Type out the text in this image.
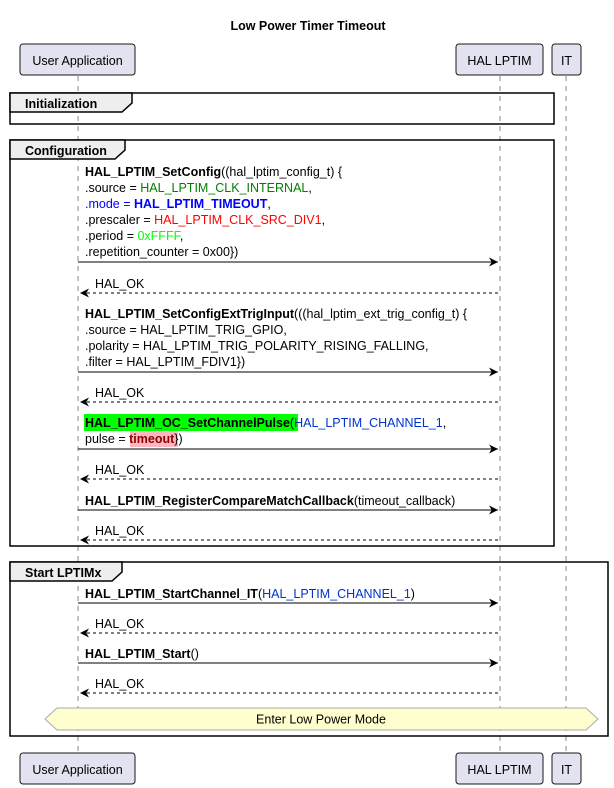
Low Power Timer Timeout
User Application	HAL LPTIM IT
User Application	HAL LPTIM IT
Initialization
Configuration
HAL_LPTIM_SetConfig((hal_lptim_config_t) {
.source = HAL_LPTIM_CLK_INTERNAL,
.mode = HAL_LPTIM_TIMEOUT,
.prescaler = HAL_LPTIM_CLK_SRC_DIV1,
.period = 0xFFFF,
.repetition_counter = 0x00})
HAL_OK
HAL_LPTIM_SetConfigExtTrigInput(((hal_lptim_ext_trig_config_t) {
.source = HAL_LPTIM_TRIG_GPIO,
.polarity = HAL_LPTIM_TRIG_POLARITY_RISING_FALLING,
.filter = HAL_LPTIM_FDIV1})
HAL_OK
HAL_LPTIM_OC_SetChannelPulse(HAL_LPTIM_CHANNEL_1,
pulse = timeout})
HAL_OK
HAL_LPTIM_RegisterCompareMatchCallback(timeout_callback)
HAL_OK
Start LPTIMx
HAL_LPTIM_StartChannel_IT(HAL_LPTIM_CHANNEL_1)
HAL_OK
HAL_LPTIM_Start()
HAL_OK
Enter Low Power Mode
